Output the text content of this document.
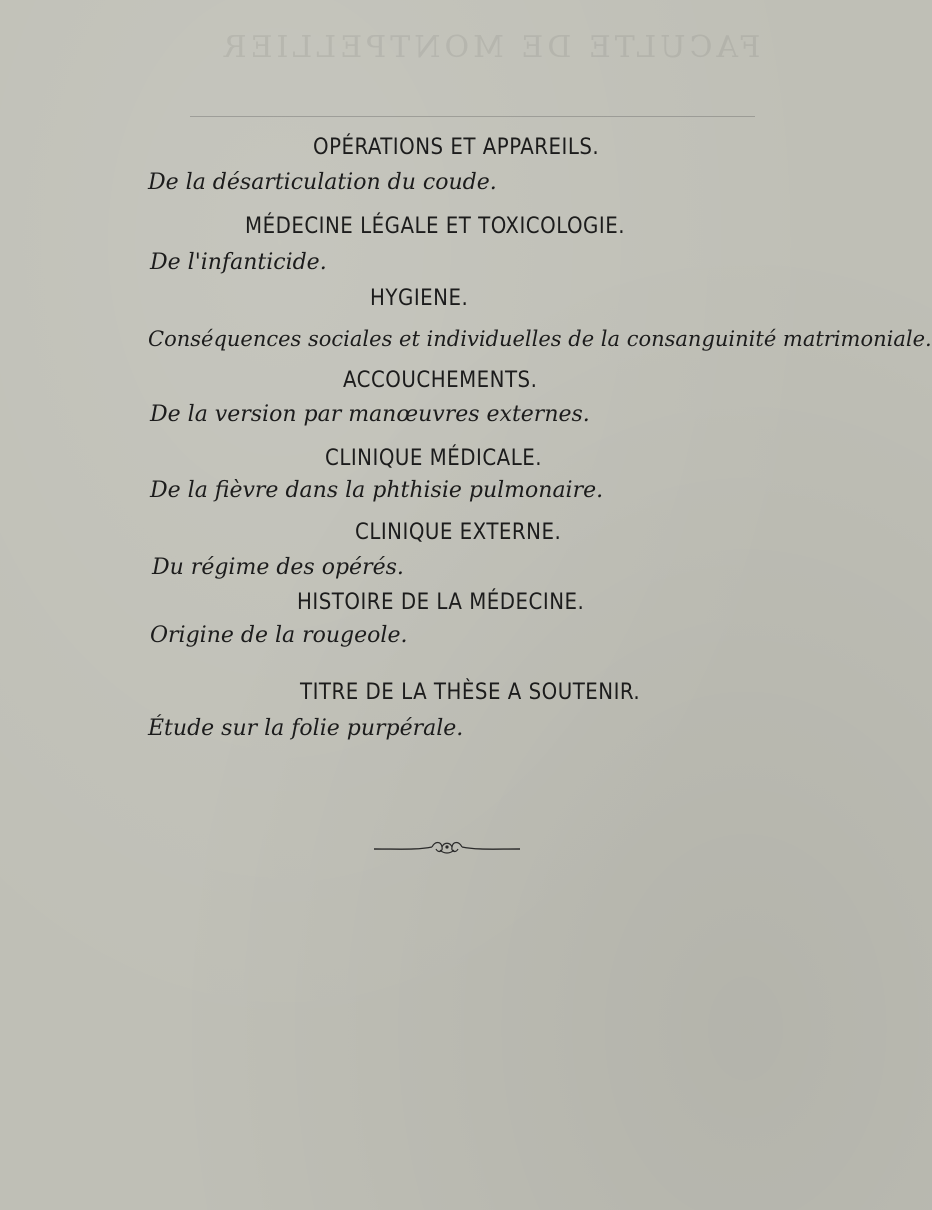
FACULTE DE MONTPELLIER
OPÉRATIONS ET APPAREILS.
De la désarticulation du coude.
MÉDECINE LÉGALE ET TOXICOLOGIE.
De l'infanticide.
HYGIENE.
Conséquences sociales et individuelles de la consanguinité matrimoniale.
ACCOUCHEMENTS.
De la version par manœuvres externes.
CLINIQUE MÉDICALE.
De la fièvre dans la phthisie pulmonaire.
CLINIQUE EXTERNE.
Du régime des opérés.
HISTOIRE DE LA MÉDECINE.
Origine de la rougeole.
TITRE DE LA THÈSE A SOUTENIR.
Étude sur la folie purpérale.
